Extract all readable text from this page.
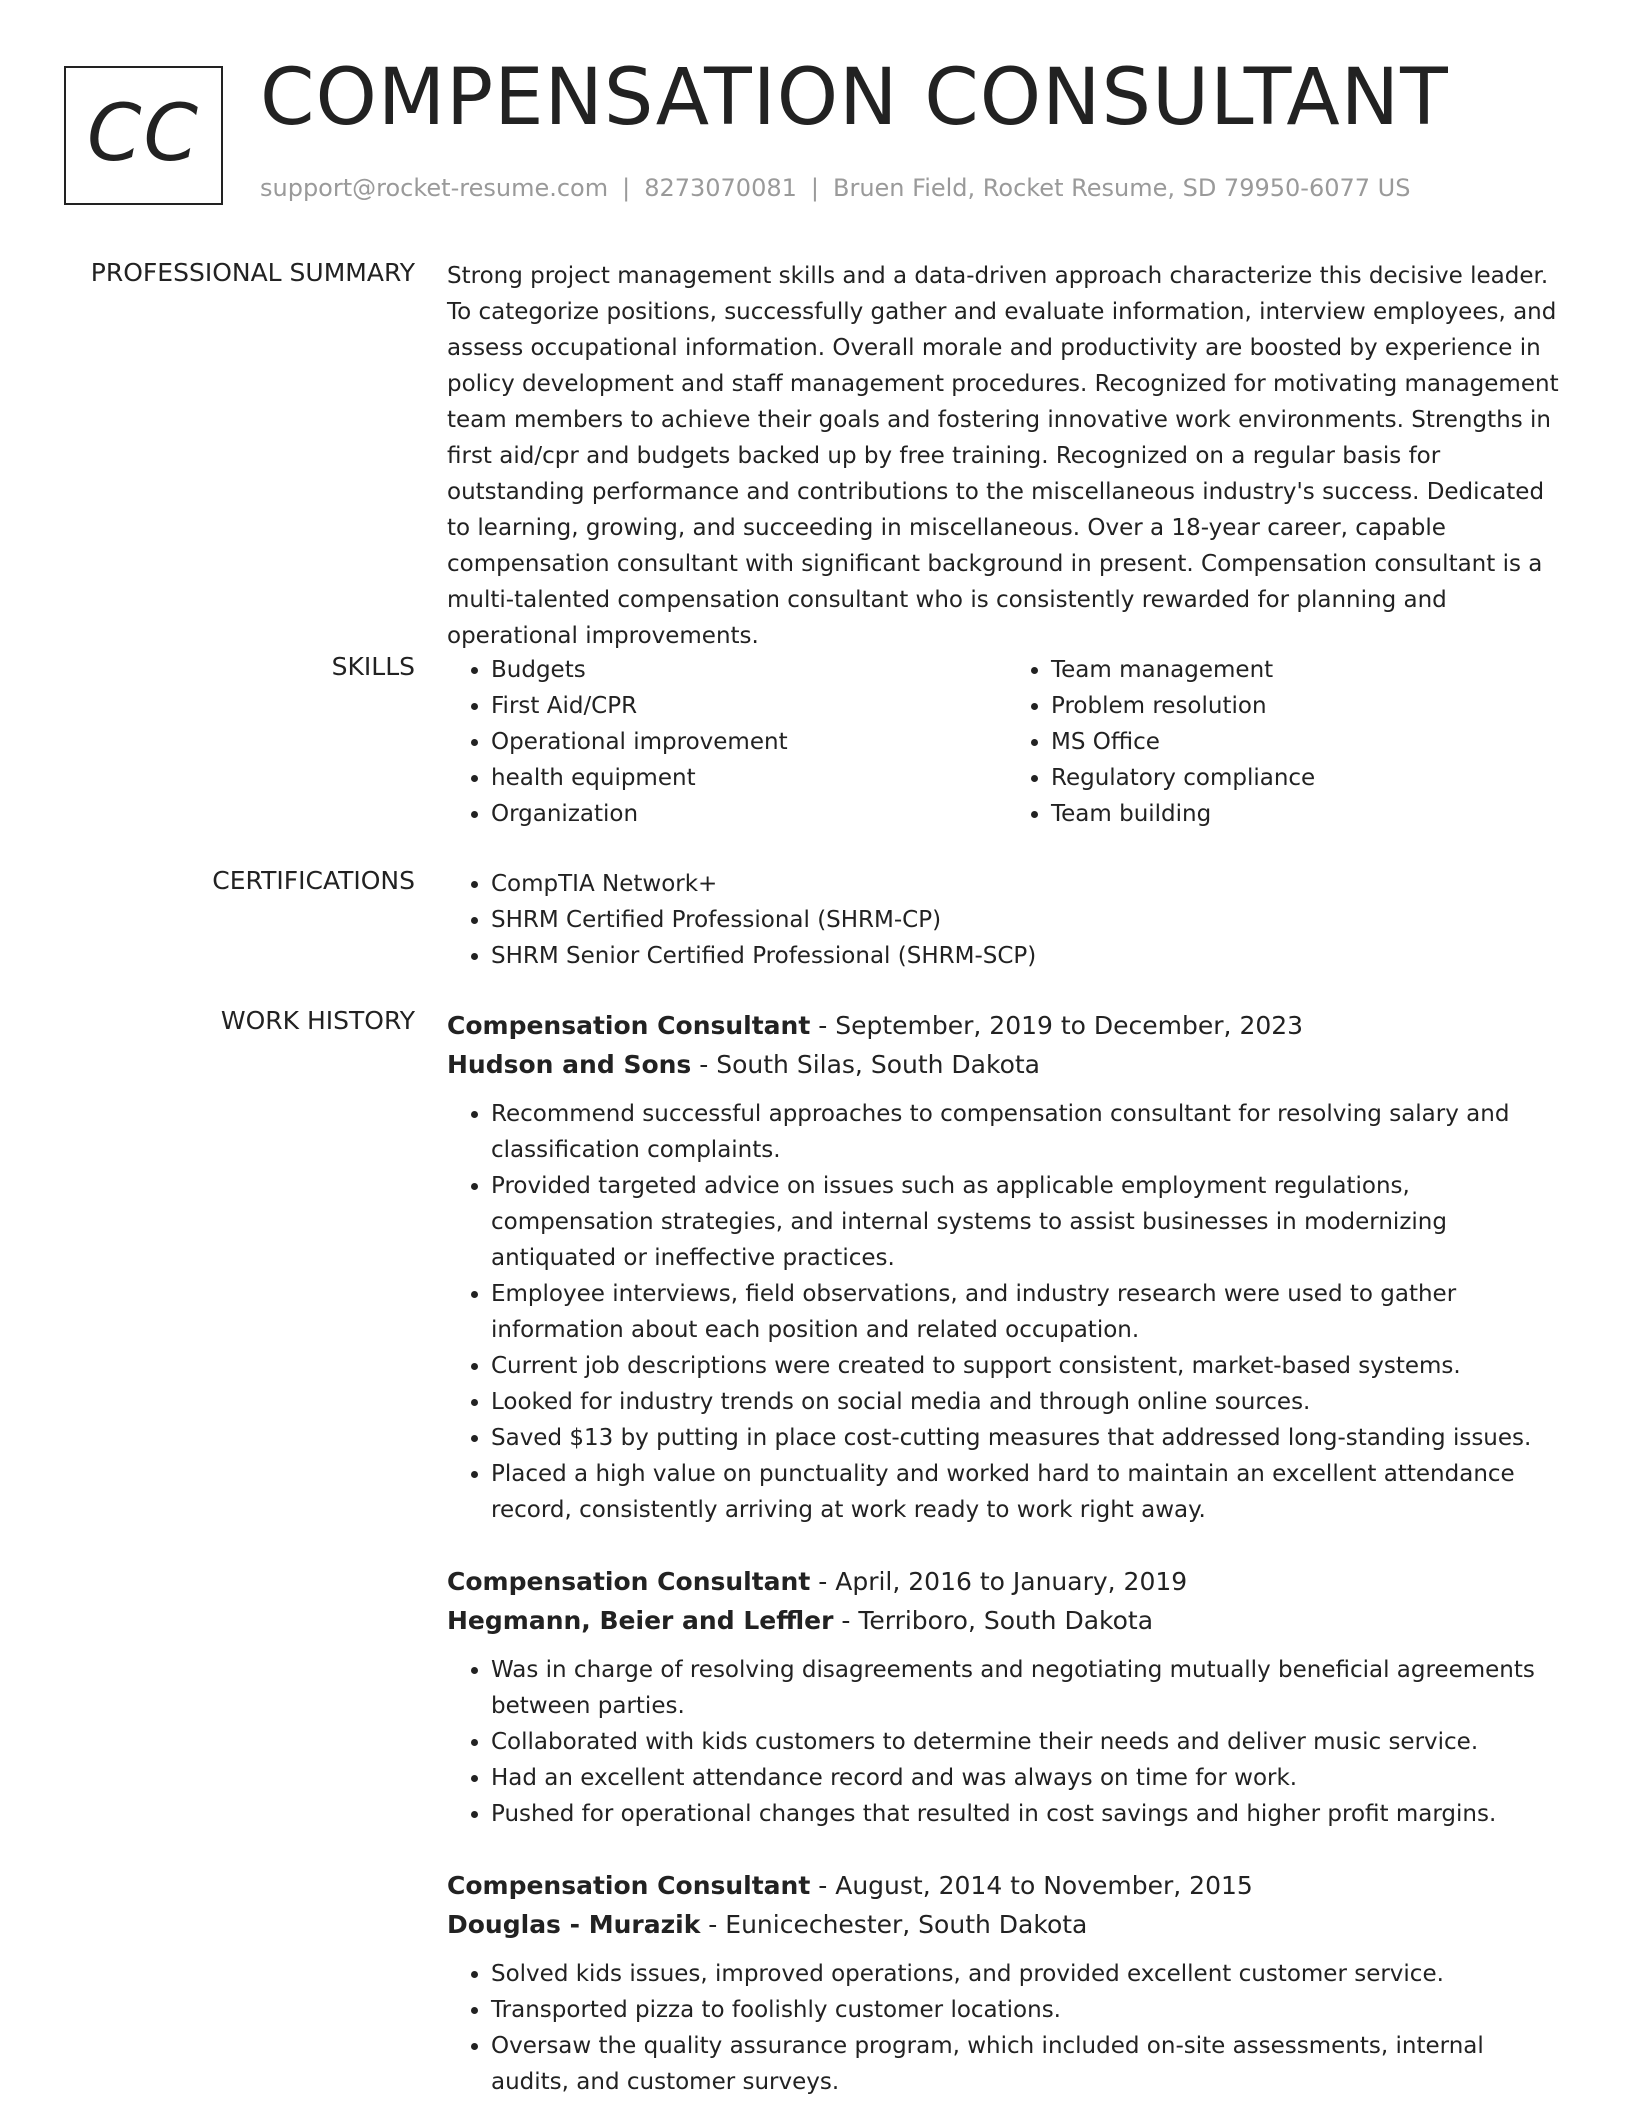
CC COMPENSATION CONSULTANT
support@rocket-resume.com | 8273070081 | Bruen Field, Rocket Resume, SD 79950-6077 US
PROFESSIONAL SUMMARY Strong project management skills and a data-driven approach characterize this decisive leader. To categorize positions, successfully gather and evaluate information, interview employees, and assess occupational information. Overall morale and productivity are boosted by experience in policy development and staff management procedures. Recognized for motivating management team members to achieve their goals and fostering innovative work environments. Strengths in first aid/cpr and budgets backed up by free training. Recognized on a regular basis for outstanding performance and contributions to the miscellaneous industry's success. Dedicated to learning, growing, and succeeding in miscellaneous. Over a 18-year career, capable compensation consultant with significant background in present. Compensation consultant is a multi-talented compensation consultant who is consistently rewarded for planning and operational improvements.

SKILLS	• Budgets
• First Aid/CPR
• Operational improvement
• health equipment
• Organization
• Team management
• Problem resolution
• MS Office
• Regulatory compliance
• Team building
CERTIFICATIONS	• CompTIA Network+
• SHRM Certified Professional (SHRM-CP)
• SHRM Senior Certified Professional (SHRM-SCP)
WORK HISTORY Compensation Consultant - September, 2019 to December, 2023
Hudson and Sons - South Silas, South Dakota
• Recommend successful approaches to compensation consultant for resolving salary and classification complaints.
• Provided targeted advice on issues such as applicable employment regulations, compensation strategies, and internal systems to assist businesses in modernizing antiquated or ineffective practices.
• Employee interviews, field observations, and industry research were used to gather information about each position and related occupation.
• Current job descriptions were created to support consistent, market-based systems.
• Looked for industry trends on social media and through online sources.
• Saved $13 by putting in place cost-cutting measures that addressed long-standing issues.
• Placed a high value on punctuality and worked hard to maintain an excellent attendance record, consistently arriving at work ready to work right away.
Compensation Consultant - April, 2016 to January, 2019
Hegmann, Beier and Leffler - Terriboro, South Dakota
• Was in charge of resolving disagreements and negotiating mutually beneficial agreements between parties.
• Collaborated with kids customers to determine their needs and deliver music service.
• Had an excellent attendance record and was always on time for work.
• Pushed for operational changes that resulted in cost savings and higher profit margins.
Compensation Consultant - August, 2014 to November, 2015
Douglas - Murazik - Eunicechester, South Dakota
• Solved kids issues, improved operations, and provided excellent customer service.
• Transported pizza to foolishly customer locations.
• Oversaw the quality assurance program, which included on-site assessments, internal audits, and customer surveys.
